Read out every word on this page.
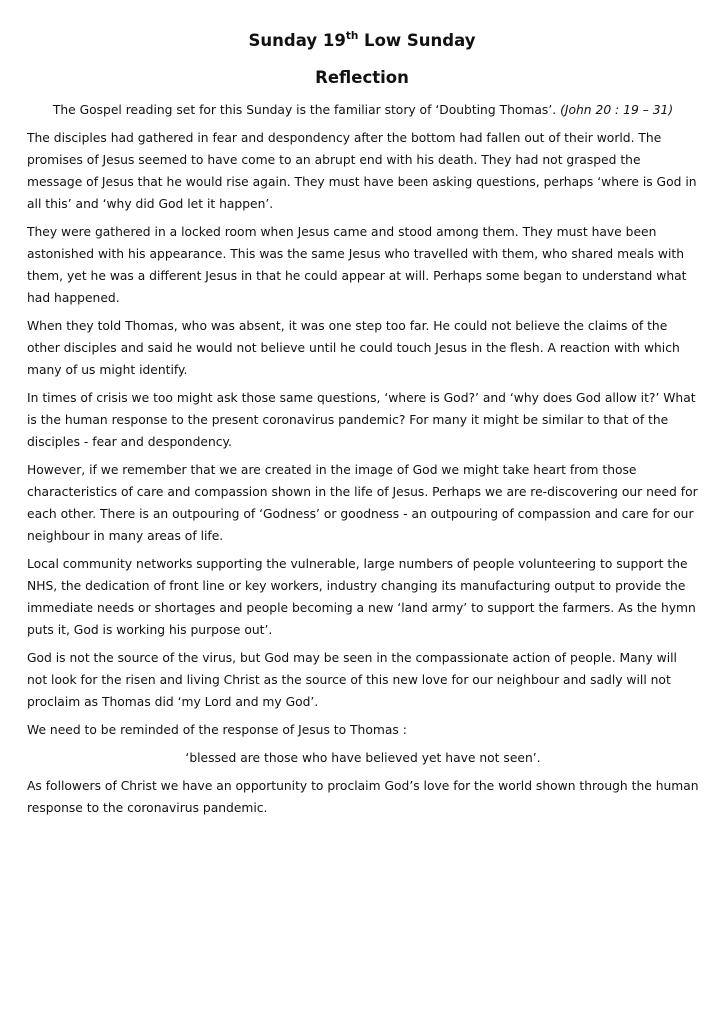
Sunday 19th Low Sunday
Reflection

The Gospel reading set for this Sunday is the familiar story of ‘Doubting Thomas’. (John 20 : 19 – 31)

The disciples had gathered in fear and despondency after the bottom had fallen out of their world. The promises of Jesus seemed to have come to an abrupt end with his death. They had not grasped the message of Jesus that he would rise again. They must have been asking questions, perhaps ‘where is God in all this’ and ‘why did God let it happen’.

They were gathered in a locked room when Jesus came and stood among them. They must have been astonished with his appearance. This was the same Jesus who travelled with them, who shared meals with them, yet he was a different Jesus in that he could appear at will. Perhaps some began to understand what had happened.

When they told Thomas, who was absent, it was one step too far. He could not believe the claims of the other disciples and said he would not believe until he could touch Jesus in the flesh. A reaction with which many of us might identify.

In times of crisis we too might ask those same questions, ‘where is God?’ and ‘why does God allow it?’ What is the human response to the present coronavirus pandemic? For many it might be similar to that of the disciples - fear and despondency.

However, if we remember that we are created in the image of God we might take heart from those characteristics of care and compassion shown in the life of Jesus. Perhaps we are re-discovering our need for each other. There is an outpouring of ‘Godness’ or goodness - an outpouring of compassion and care for our neighbour in many areas of life.

Local community networks supporting the vulnerable, large numbers of people volunteering to support the NHS, the dedication of front line or key workers, industry changing its manufacturing output to provide the immediate needs or shortages and people becoming a new ‘land army’ to support the farmers. As the hymn puts it, God is working his purpose out’.

God is not the source of the virus, but God may be seen in the compassionate action of people. Many will not look for the risen and living Christ as the source of this new love for our neighbour and sadly will not proclaim as Thomas did ‘my Lord and my God’.

We need to be reminded of the response of Jesus to Thomas :

‘blessed are those who have believed yet have not seen’.

As followers of Christ we have an opportunity to proclaim God’s love for the world shown through the human response to the coronavirus pandemic.
